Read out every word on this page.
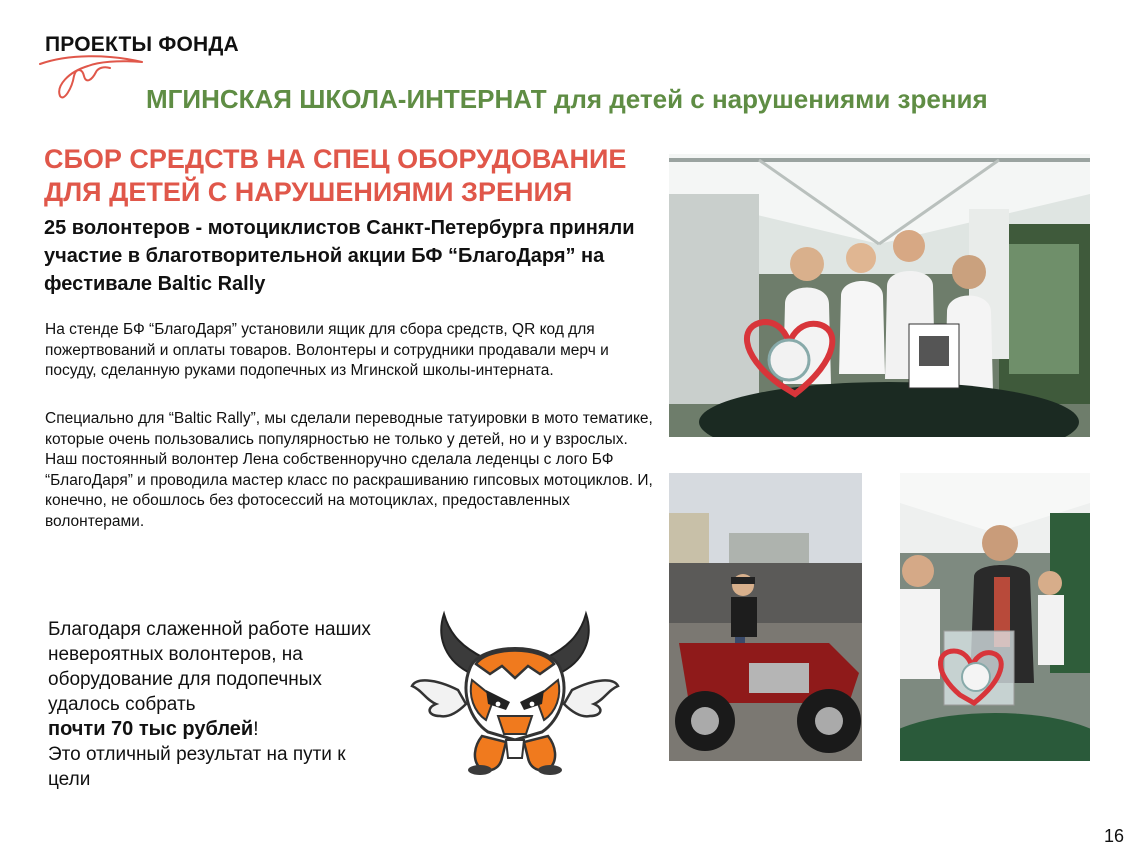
ПРОЕКТЫ ФОНДА
МГИНСКАЯ ШКОЛА-ИНТЕРНАТ для детей с нарушениями зрения
СБОР СРЕДСТВ НА СПЕЦ ОБОРУДОВАНИЕ
ДЛЯ ДЕТЕЙ С НАРУШЕНИЯМИ ЗРЕНИЯ
25 волонтеров - мотоциклистов Санкт-Петербурга приняли участие в благотворительной акции БФ “БлагоДаря” на фестивале Baltic Rally
На стенде БФ “БлагоДаря” установили ящик для сбора средств, QR код для пожертвований и оплаты товаров. Волонтеры и сотрудники продавали мерч и посуду, сделанную руками подопечных из Мгинской школы-интерната.
Специально для “Baltic Rally”, мы сделали переводные татуировки в мото тематике, которые очень пользовались популярностью не только у детей, но и у взрослых. Наш постоянный волонтер Лена собственноручно сделала леденцы с лого БФ “БлагоДаря” и проводила мастер класс по раскрашиванию гипсовых мотоциклов. И, конечно, не обошлось без фотосессий на мотоциклах, предоставленных волонтерами.
Благодаря слаженной работе наших невероятных волонтеров, на оборудование для подопечных удалось собрать
почти 70 тыс рублей!
Это отличный результат на пути к цели
16
